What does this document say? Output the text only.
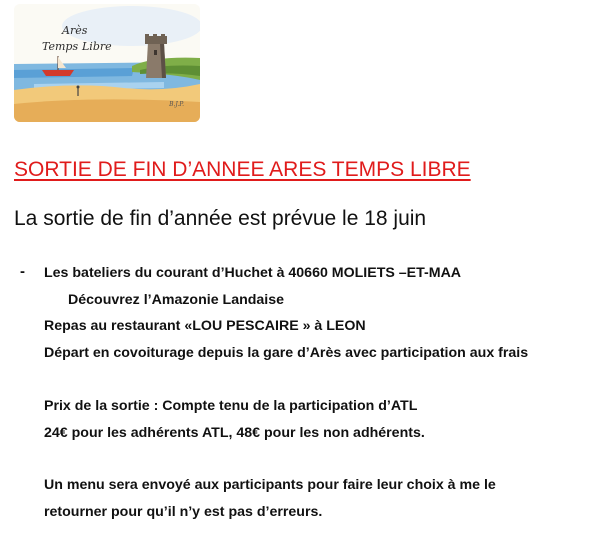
Arès
Temps Libre
B.J.P.
SORTIE DE FIN D’ANNEE ARES TEMPS LIBRE
La sortie de fin d’année est prévue le 18 juin
- Les bateliers du courant d’Huchet à 40660 MOLIETS –ET-MAA
Découvrez l’Amazonie Landaise
Repas au restaurant «LOU PESCAIRE » à LEON
Départ en covoiturage depuis la gare d’Arès avec participation aux frais
Prix de la sortie : Compte tenu de la participation d’ATL
24€ pour les adhérents ATL, 48€ pour les non adhérents.
Un menu sera envoyé aux participants pour faire leur choix à me le
retourner pour qu’il n’y est pas d’erreurs.
